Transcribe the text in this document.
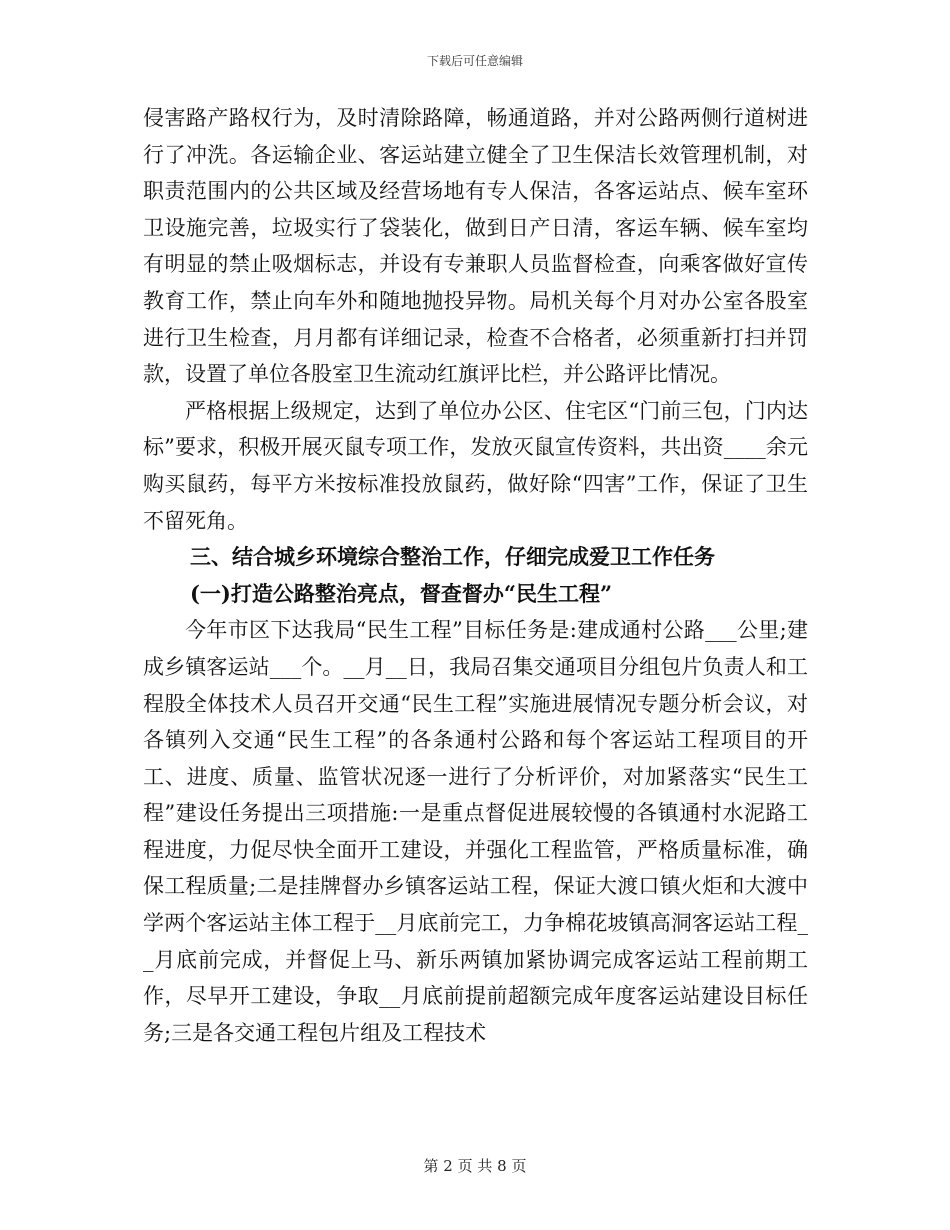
下载后可任意编辑

侵害路产路权行为，及时清除路障，畅通道路，并对公路两侧行道树进行了冲洗。各运输企业、客运站建立健全了卫生保洁长效管理机制，对职责范围内的公共区域及经营场地有专人保洁，各客运站点、候车室环卫设施完善，垃圾实行了袋装化，做到日产日清，客运车辆、候车室均有明显的禁止吸烟标志，并设有专兼职人员监督检查，向乘客做好宣传教育工作，禁止向车外和随地抛投异物。局机关每个月对办公室各股室进行卫生检查，月月都有详细记录，检查不合格者，必须重新打扫并罚款，设置了单位各股室卫生流动红旗评比栏，并公路评比情况。

严格根据上级规定，达到了单位办公区、住宅区“门前三包，门内达标”要求，积极开展灭鼠专项工作，发放灭鼠宣传资料，共出资____余元购买鼠药，每平方米按标准投放鼠药，做好除“四害”工作，保证了卫生不留死角。

三、结合城乡环境综合整治工作，仔细完成爱卫工作任务

(一)打造公路整治亮点，督查督办“民生工程”

今年市区下达我局“民生工程”目标任务是:建成通村公路___公里;建成乡镇客运站___个。__月__日，我局召集交通项目分组包片负责人和工程股全体技术人员召开交通“民生工程”实施进展情况专题分析会议，对各镇列入交通“民生工程”的各条通村公路和每个客运站工程项目的开工、进度、质量、监管状况逐一进行了分析评价，对加紧落实“民生工程”建设任务提出三项措施:一是重点督促进展较慢的各镇通村水泥路工程进度，力促尽快全面开工建设，并强化工程监管，严格质量标准，确保工程质量;二是挂牌督办乡镇客运站工程，保证大渡口镇火炬和大渡中学两个客运站主体工程于__月底前完工，力争棉花坡镇高洞客运站工程__月底前完成，并督促上马、新乐两镇加紧协调完成客运站工程前期工作，尽早开工建设，争取__月底前提前超额完成年度客运站建设目标任务;三是各交通工程包片组及工程技术

第 2 页 共 8 页
